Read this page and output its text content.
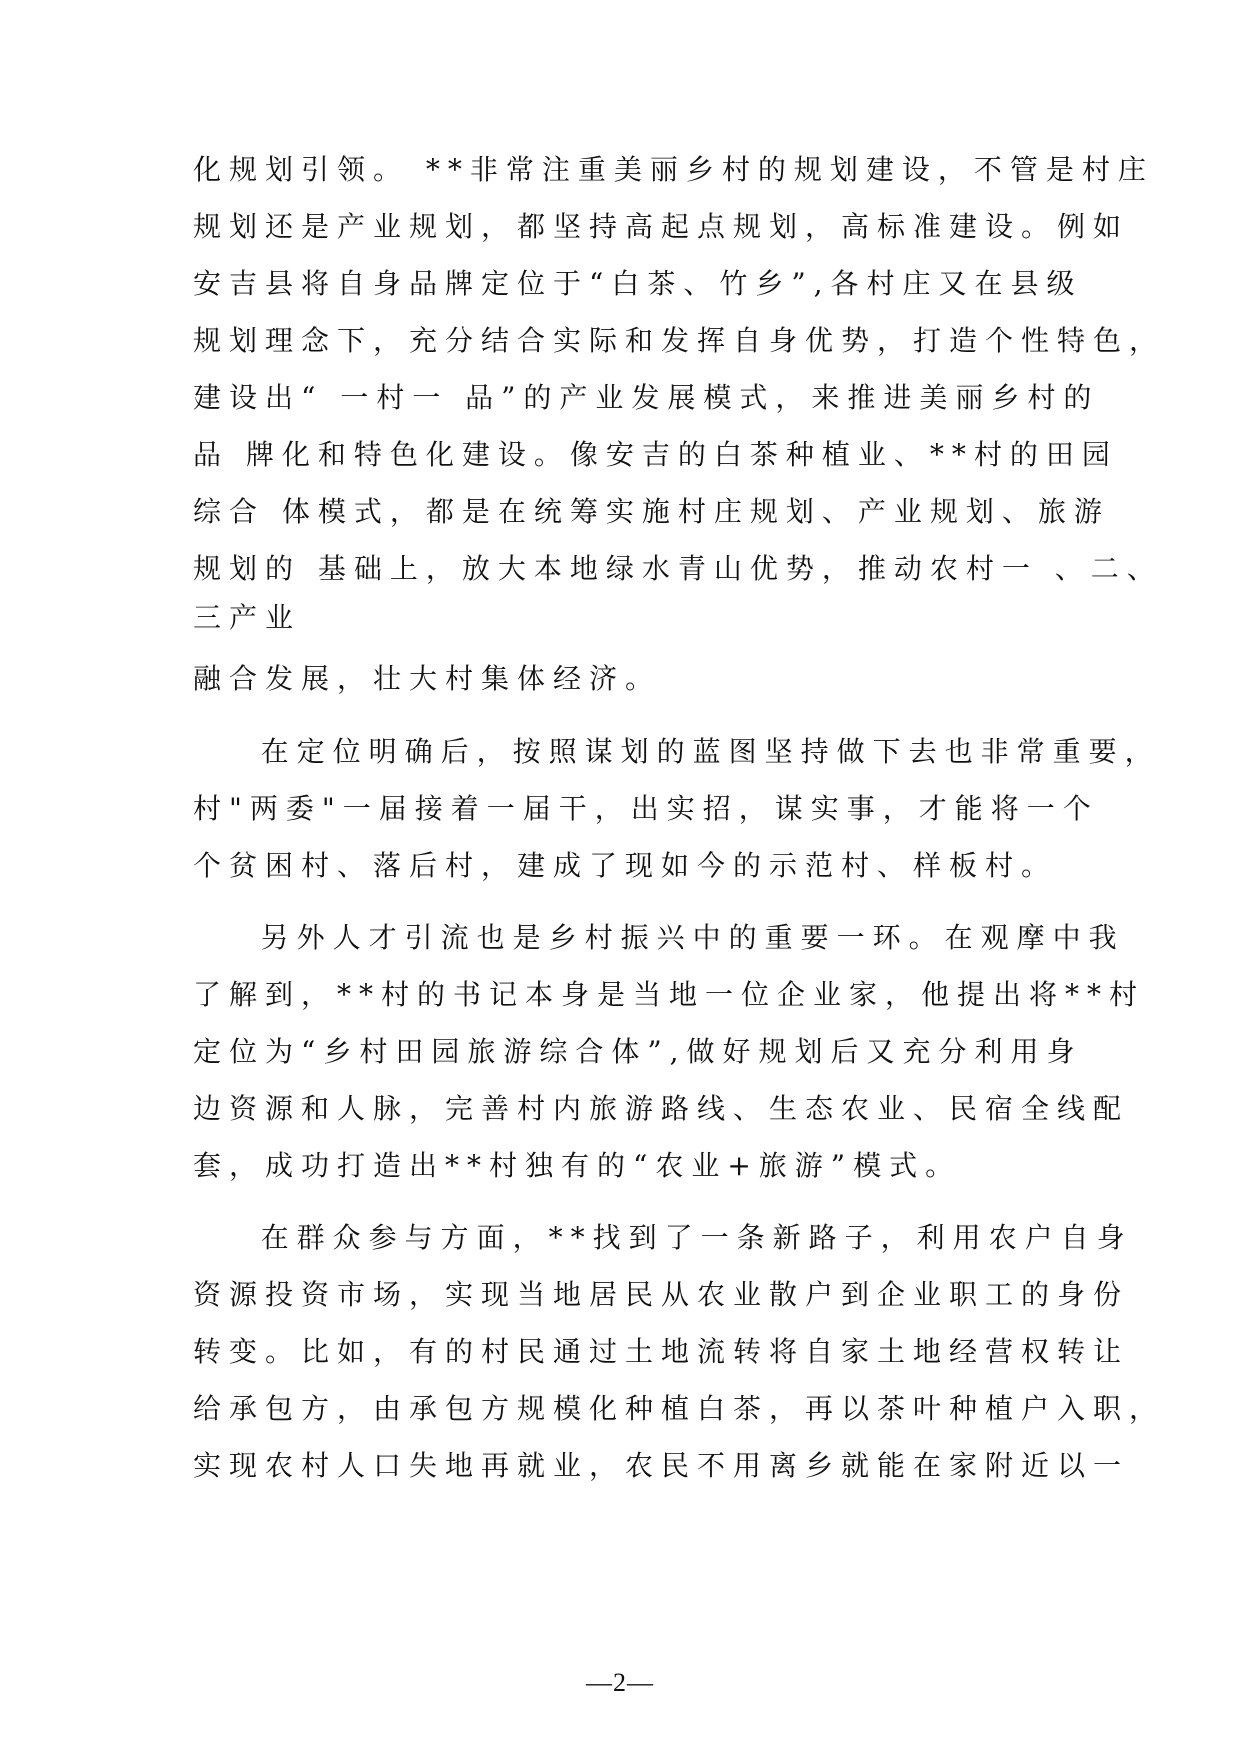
化规划引领。 **非常注重美丽乡村的规划建设，不管是村庄
规划还是产业规划，都坚持高起点规划，高标准建设。例如
安吉县将自身品牌定位于“白茶、竹乡”,各村庄又在县级
规划理念下，充分结合实际和发挥自身优势，打造个性特色，
建设出“ 一村一 品”的产业发展模式，来推进美丽乡村的
品 牌化和特色化建设。像安吉的白茶种植业、**村的田园
综合 体模式，都是在统筹实施村庄规划、产业规划、旅游
规划的 基础上，放大本地绿水青山优势，推动农村一 、二、
三产业
融合发展，壮大村集体经济。
在定位明确后，按照谋划的蓝图坚持做下去也非常重要，
村"两委"一届接着一届干，出实招，谋实事，才能将一个
个贫困村、落后村，建成了现如今的示范村、样板村。
另外人才引流也是乡村振兴中的重要一环。在观摩中我
了解到，**村的书记本身是当地一位企业家，他提出将**村
定位为“乡村田园旅游综合体”,做好规划后又充分利用身
边资源和人脉，完善村内旅游路线、生态农业、民宿全线配
套，成功打造出**村独有的“农业+旅游”模式。
在群众参与方面，**找到了一条新路子，利用农户自身
资源投资市场，实现当地居民从农业散户到企业职工的身份
转变。比如，有的村民通过土地流转将自家土地经营权转让
给承包方，由承包方规模化种植白茶，再以茶叶种植户入职，
实现农村人口失地再就业，农民不用离乡就能在家附近以一
—2—
